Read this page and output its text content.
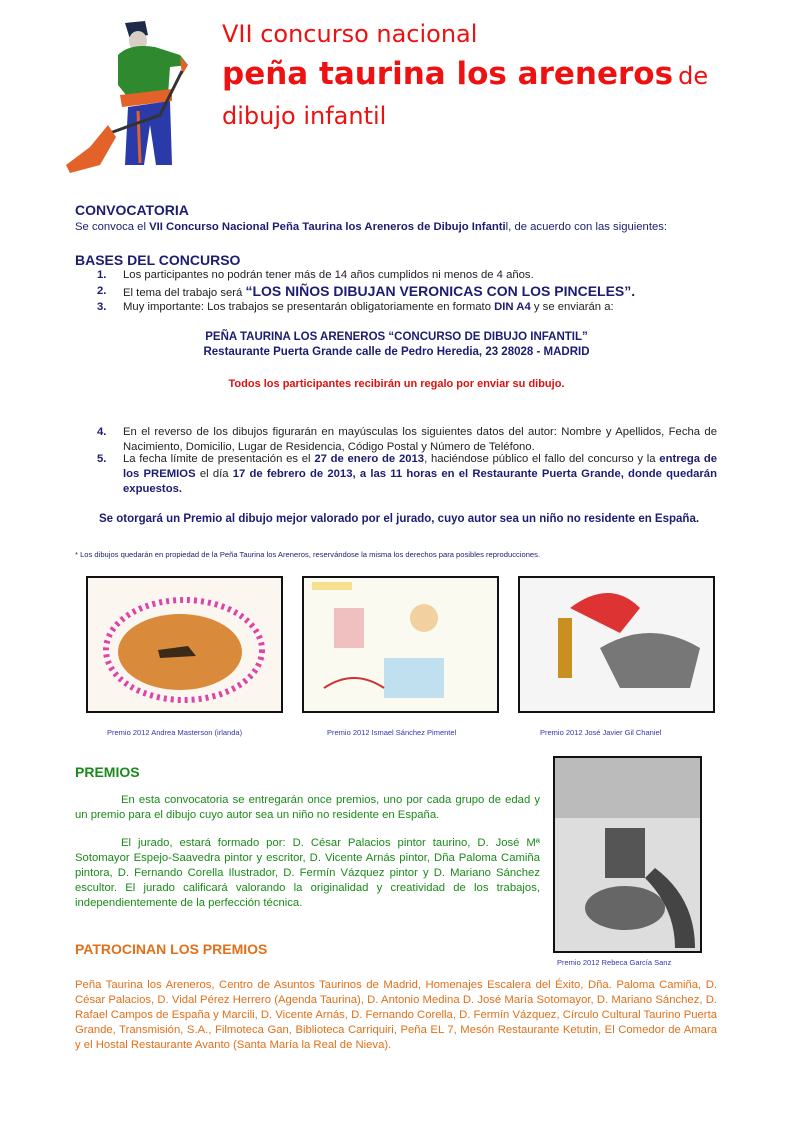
VII concurso nacional
peña taurina los areneros de
dibujo infantil
CONVOCATORIA
Se convoca el VII Concurso Nacional Peña Taurina los Areneros de Dibujo Infantil, de acuerdo con las siguientes:
BASES DEL CONCURSO
1. Los participantes no podrán tener más de 14 años cumplidos ni menos de 4 años.
2. El tema del trabajo será “LOS NIÑOS DIBUJAN VERONICAS CON LOS PINCELES”.
3. Muy importante: Los trabajos se presentarán obligatoriamente en formato DIN A4 y se enviarán a:
PEÑA TAURINA LOS ARENEROS “CONCURSO DE DIBUJO INFANTIL”
Restaurante Puerta Grande calle de Pedro Heredia, 23 28028 - MADRID
Todos los participantes recibirán un regalo por enviar su dibujo.
4. En el reverso de los dibujos figurarán en mayúsculas los siguientes datos del autor: Nombre y Apellidos, Fecha de Nacimiento, Domicilio, Lugar de Residencia, Código Postal y Número de Teléfono.
5. La fecha límite de presentación es el 27 de enero de 2013, haciéndose público el fallo del concurso y la entrega de los PREMIOS el día 17 de febrero de 2013, a las 11 horas en el Restaurante Puerta Grande, donde quedarán expuestos.
Se otorgará un Premio al dibujo mejor valorado por el jurado, cuyo autor sea un niño no residente en España.
* Los dibujos quedarán en propiedad de la Peña Taurina los Areneros, reservándose la misma los derechos para posibles reproducciones.
Premio 2012 Andrea Masterson (irlanda)	Premio 2012 Ismael Sánchez Pimentel	Premio 2012 José Javier Gil Chaniel
Premio 2012 Rebeca García Sanz
PREMIOS
En esta convocatoria se entregarán once premios, uno por cada grupo de edad y un premio para el dibujo cuyo autor sea un niño no residente en España.
El jurado, estará formado por: D. César Palacios pintor taurino, D. José Mª Sotomayor Espejo-Saavedra pintor y escritor, D. Vicente Arnás pintor, Dña Paloma Camiña pintora, D. Fernando Corella Ilustrador, D. Fermín Vázquez pintor y D. Mariano Sánchez escultor. El jurado calificará valorando la originalidad y creatividad de los trabajos, independientemente de la perfección técnica.
PATROCINAN LOS PREMIOS
Peña Taurina los Areneros, Centro de Asuntos Taurinos de Madrid, Homenajes Escalera del Éxito, Dña. Paloma Camiña, D. César Palacios, D. Vidal Pérez Herrero (Agenda Taurina), D. Antonio Medina D. José María Sotomayor, D. Mariano Sánchez, D. Rafael Campos de España y Marcili, D. Vicente Arnás, D. Fernando Corella, D. Fermín Vázquez, Círculo Cultural Taurino Puerta Grande, Transmisión, S.A., Filmoteca Gan, Biblioteca Carriquiri, Peña EL 7, Mesón Restaurante Ketutin, El Comedor de Amara y el Hostal Restaurante Avanto (Santa María la Real de Nieva).
